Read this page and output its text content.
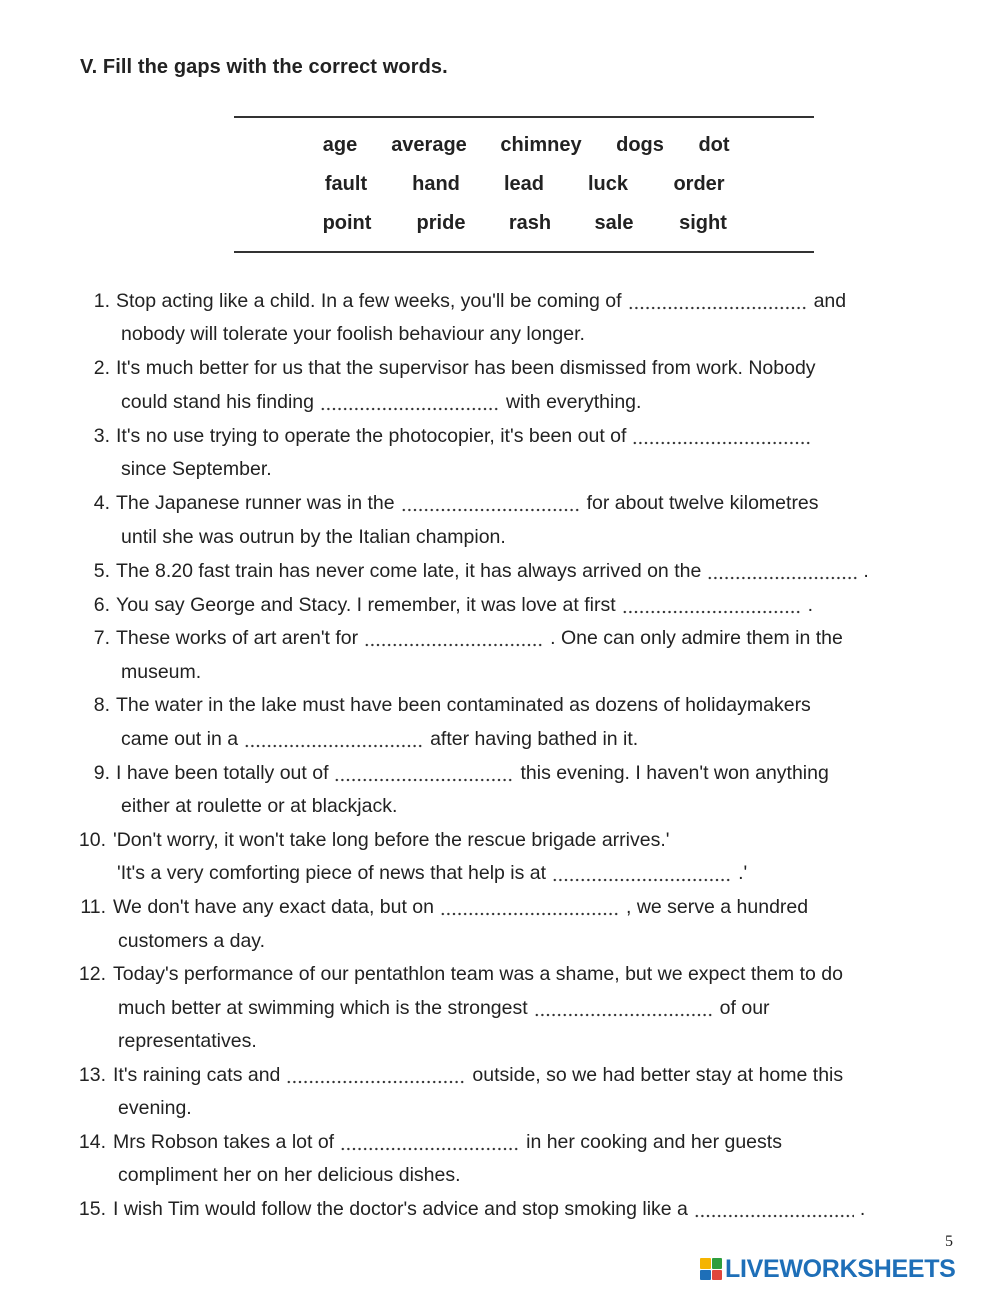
V. Fill the gaps with the correct words.
age average chimney dogs dot
fault hand lead luck order
point pride rash sale sight
1. Stop acting like a child. In a few weeks, you'll be coming of	and
nobody will tolerate your foolish behaviour any longer.
2. It's much better for us that the supervisor has been dismissed from work. Nobody
could stand his finding	with everything.
3. It's no use trying to operate the photocopier, it's been out of
since September.
4. The Japanese runner was in the	for about twelve kilometres
until she was outrun by the Italian champion.
5. The 8.20 fast train has never come late, it has always arrived on the	.
6. You say George and Stacy. I remember, it was love at first	.
7. These works of art aren't for	. One can only admire them in the
museum.
8. The water in the lake must have been contaminated as dozens of holidaymakers
came out in a	after having bathed in it.
9. I have been totally out of	this evening. I haven't won anything
either at roulette or at blackjack.
10. 'Don't worry, it won't take long before the rescue brigade arrives.'
'It's a very comforting piece of news that help is at	.'
11. We don't have any exact data, but on	, we serve a hundred
customers a day.
12. Today's performance of our pentathlon team was a shame, but we expect them to do
much better at swimming which is the strongest	of our
representatives.
13. It's raining cats and	outside, so we had better stay at home this
evening.
14. Mrs Robson takes a lot of	in her cooking and her guests
compliment her on her delicious dishes.
15. I wish Tim would follow the doctor's advice and stop smoking like a	.
5
LIVEWORKSHEETS
